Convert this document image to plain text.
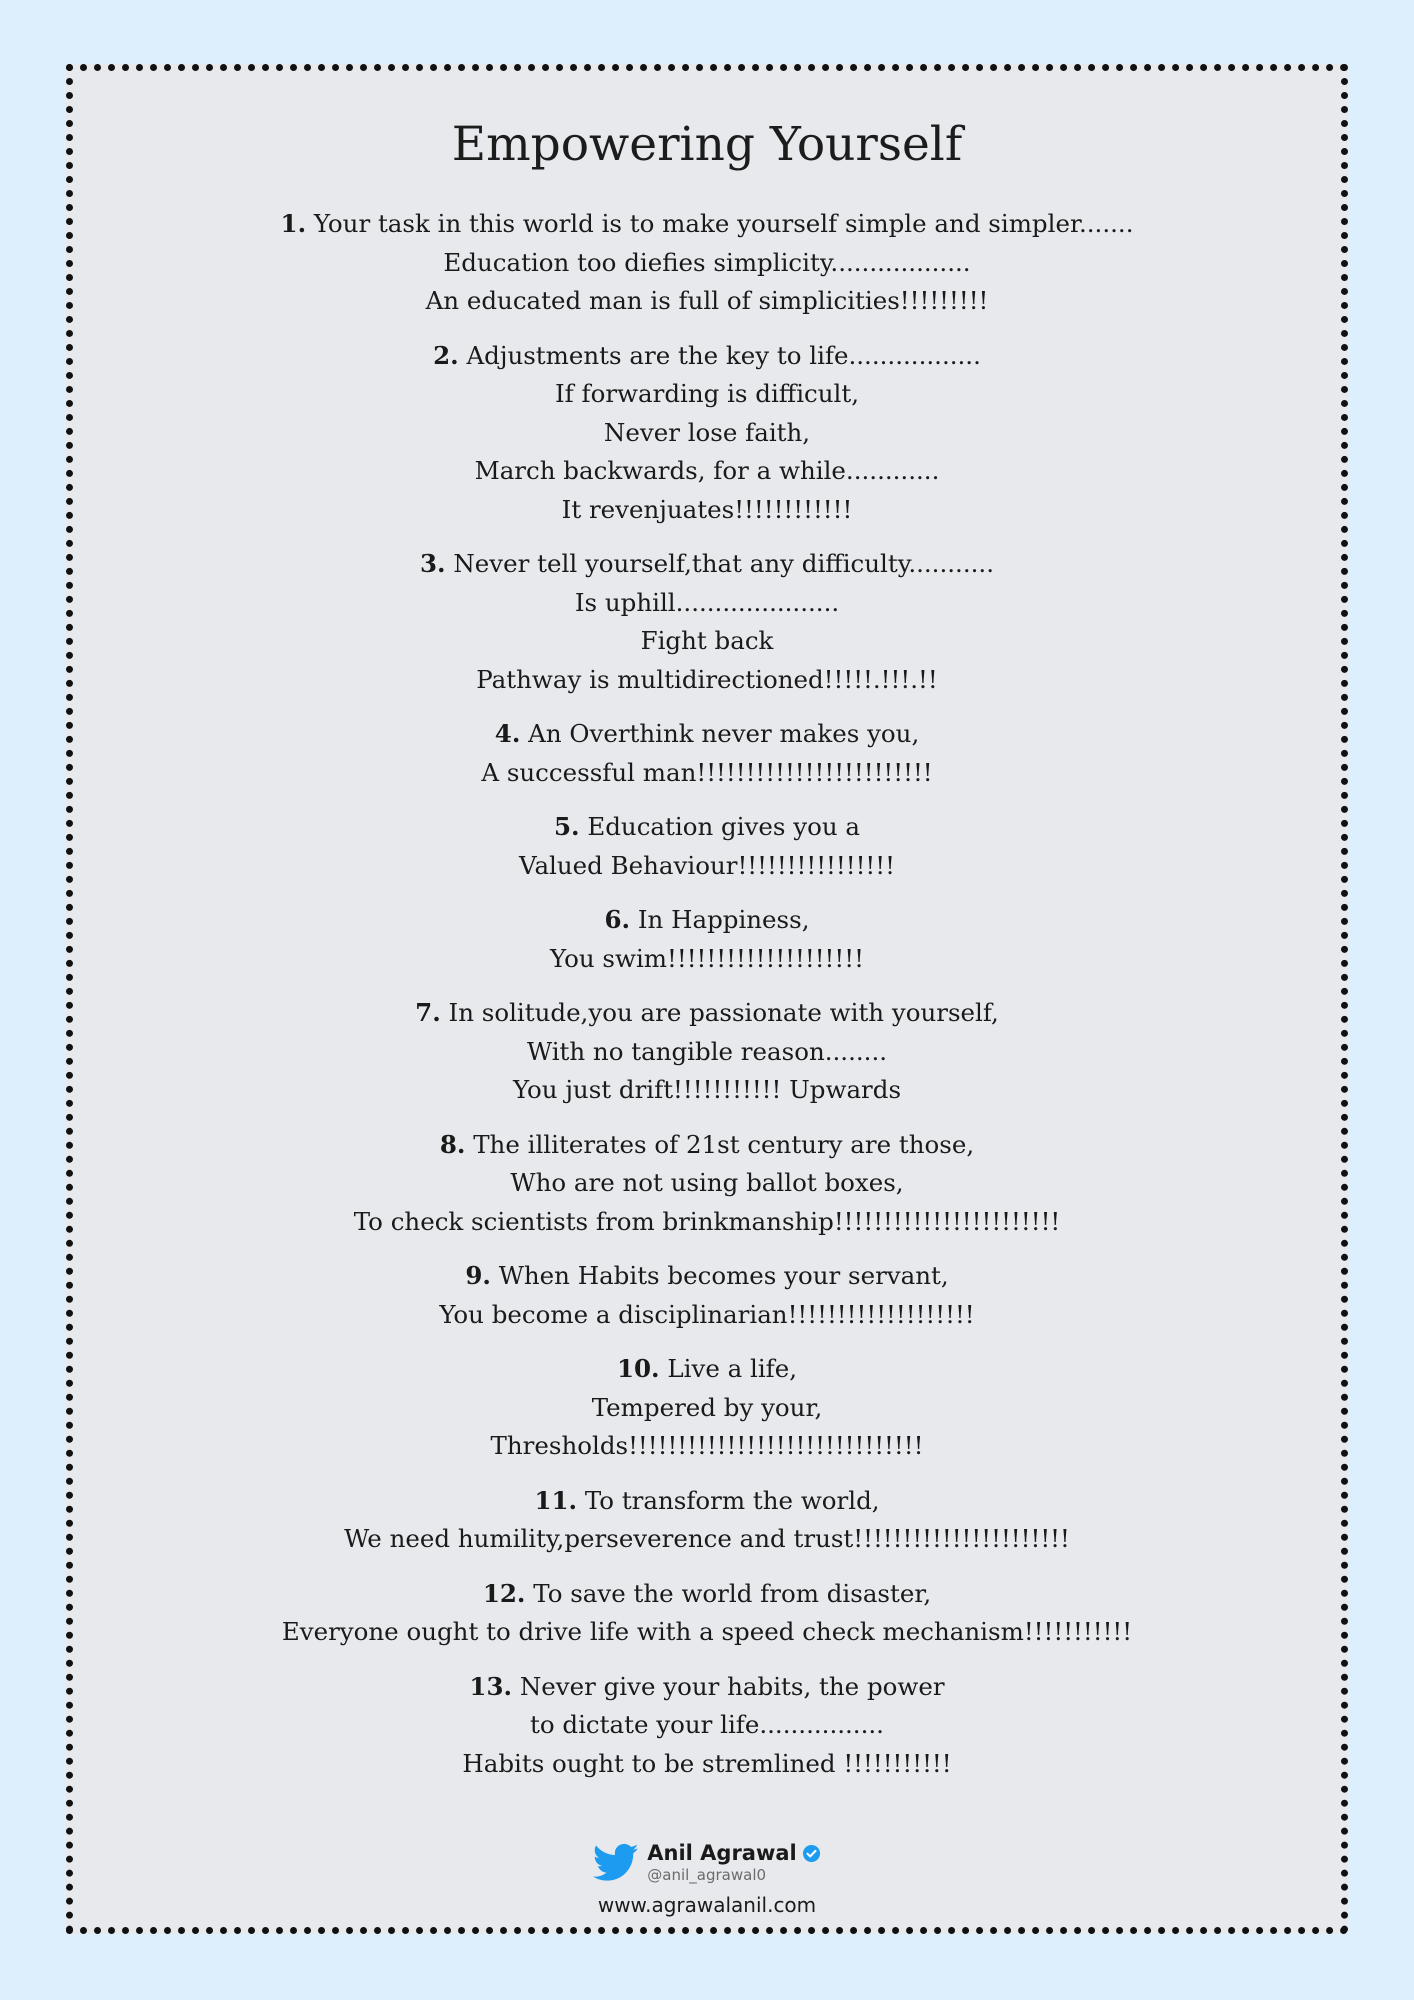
Empowering Yourself
1. Your task in this world is to make yourself simple and simpler.......
Education too diefies simplicity..................
An educated man is full of simplicities!!!!!!!!!
2. Adjustments are the key to life.................
If forwarding is difficult,
Never lose faith,
March backwards, for a while............
It revenjuates!!!!!!!!!!!!
3. Never tell yourself,that any difficulty...........
Is uphill.....................
Fight back
Pathway is multidirectioned!!!!!.!!!.!!
4. An Overthink never makes you,
A successful man!!!!!!!!!!!!!!!!!!!!!!!!
5. Education gives you a
Valued Behaviour!!!!!!!!!!!!!!!!
6. In Happiness,
You swim!!!!!!!!!!!!!!!!!!!!
7. In solitude,you are passionate with yourself,
With no tangible reason........
You just drift!!!!!!!!!!! Upwards
8. The illiterates of 21st century are those,
Who are not using ballot boxes,
To check scientists from brinkmanship!!!!!!!!!!!!!!!!!!!!!!!
9. When Habits becomes your servant,
You become a disciplinarian!!!!!!!!!!!!!!!!!!!
10. Live a life,
Tempered by your,
Thresholds!!!!!!!!!!!!!!!!!!!!!!!!!!!!!!
11. To transform the world,
We need humility,perseverence and trust!!!!!!!!!!!!!!!!!!!!!!
12. To save the world from disaster,
Everyone ought to drive life with a speed check mechanism!!!!!!!!!!!
13. Never give your habits, the power
to dictate your life................
Habits ought to be stremlined !!!!!!!!!!!
Anil Agrawal
@anil_agrawal0
www.agrawalanil.com
